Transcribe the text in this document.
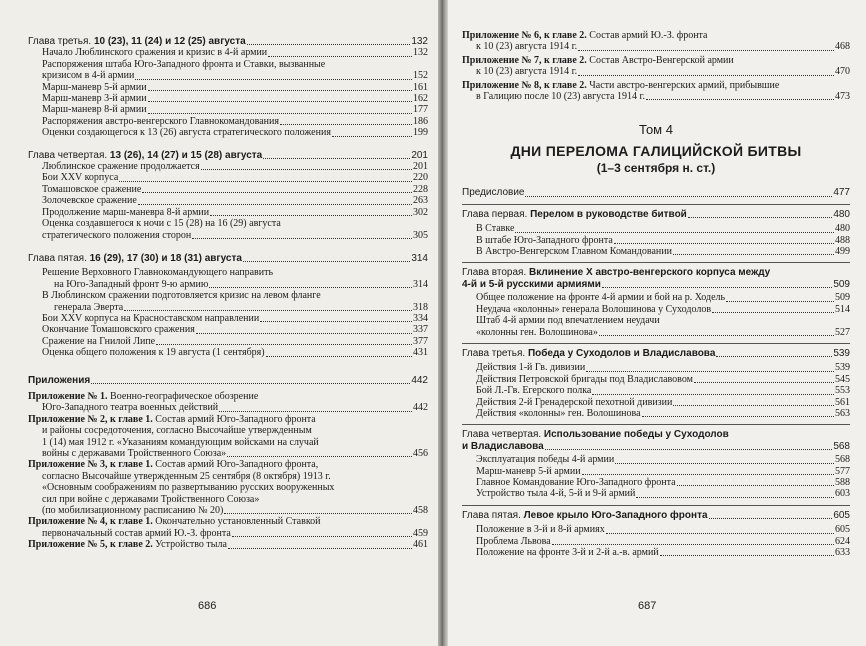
Глава третья. 10 (23), 11 (24) и 12 (25) августа	132
Начало Люблинского сражения и кризис в 4-й армии	132
Распоряжения штаба Юго-Западного фронта и Ставки, вызванные
кризисом в 4-й армии	152
Марш-маневр 5-й армии	161
Марш-маневр 3-й армии	162
Марш-маневр 8-й армии	177
Распоряжения австро-венгерского Главнокомандования	186
Оценки создающегося к 13 (26) августа стратегического положения	199
Глава четвертая. 13 (26), 14 (27) и 15 (28) августа	201
Люблинское сражение продолжается	201
Бои XXV корпуса	220
Томашовское сражение	228
Золочевское сражение	263
Продолжение марш-маневра 8-й армии	302
Оценка создавшегося к ночи с 15 (28) на 16 (29) августа
стратегического положения сторон	305
Глава пятая. 16 (29), 17 (30) и 18 (31) августа	314
Решение Верховного Главнокомандующего направить
на Юго-Западный фронт 9-ю армию	314
В Люблинском сражении подготовляется кризис на левом фланге
генерала Эверта	318
Бои XXV корпуса на Красноставском направлении	334
Окончание Томашовского сражения	337
Сражение на Гнилой Липе	377
Оценка общего положения к 19 августа (1 сентября)	431
Приложения	442
Приложение № 1. Военно-географическое обозрение
Юго-Западного театра военных действий	442
Приложение № 2, к главе 1. Состав армий Юго-Западного фронта
и районы сосредоточения, согласно Высочайше утвержденным
1 (14) мая 1912 г. «Указаниям командующим войсками на случай
войны с державами Тройственного Союза»	456
Приложение № 3, к главе 1. Состав армий Юго-Западного фронта,
согласно Высочайше утвержденным 25 сентября (8 октября) 1913 г.
«Основным соображениям по развертыванию русских вооруженных
сил при войне с державами Тройственного Союза»
(по мобилизационному расписанию № 20)	458
Приложение № 4, к главе 1. Окончательно установленный Ставкой
первоначальный состав армий Ю.-З. фронта	459
Приложение № 5, к главе 2. Устройство тыла	461
686
Приложение № 6, к главе 2. Состав армий Ю.-З. фронта
к 10 (23) августа 1914 г.	468
Приложение № 7, к главе 2. Состав Австро-Венгерской армии
к 10 (23) августа 1914 г.	470
Приложение № 8, к главе 2. Части австро-венгерских армий, прибывшие
в Галицию после 10 (23) августа 1914 г.	473
Том 4
ДНИ ПЕРЕЛОМА ГАЛИЦИЙСКОЙ БИТВЫ
(1–3 сентября н. ст.)
Предисловие	477
Глава первая. Перелом в руководстве битвой	480
В Ставке	480
В штабе Юго-Западного фронта	488
В Австро-Венгерском Главном Командовании	499
Глава вторая. Вклинение X австро-венгерского корпуса между
4-й и 5-й русскими армиями	509
Общее положение на фронте 4-й армии и бой на р. Ходель	509
Неудача «колонны» генерала Волошинова у Суходолов	514
Штаб 4-й армии под впечатлением неудачи
«колонны ген. Волошинова»	527
Глава третья. Победа у Суходолов и Владиславова	539
Действия 1-й Гв. дивизии	539
Действия Петровской бригады под Владиславовом	545
Бой Л.-Гв. Егерского полка	553
Действия 2-й Гренадерской пехотной дивизии	561
Действия «колонны» ген. Волошинова	563
Глава четвертая. Использование победы у Суходолов
и Владиславова	568
Эксплуатация победы 4-й армии	568
Марш-маневр 5-й армии	577
Главное Командование Юго-Западного фронта	588
Устройство тыла 4-й, 5-й и 9-й армий	603
Глава пятая. Левое крыло Юго-Западного фронта	605
Положение в 3-й и 8-й армиях	605
Проблема Львова	624
Положение на фронте 3-й и 2-й а.-в. армий	633
687
